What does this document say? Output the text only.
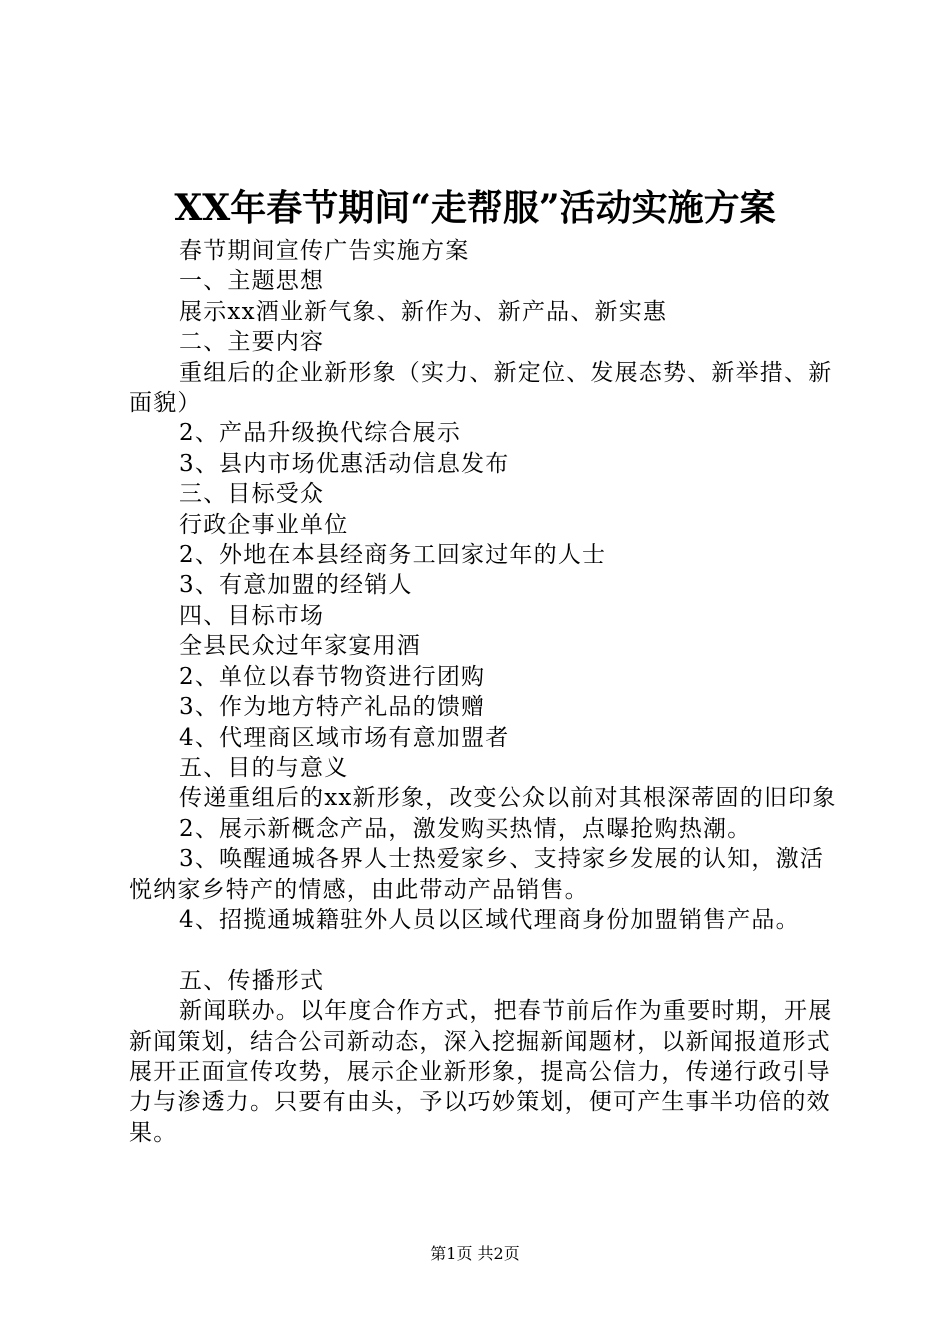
XX年春节期间“走帮服”活动实施方案
春节期间宣传广告实施方案
一、主题思想
展示xx酒业新气象、新作为、新产品、新实惠
二、主要内容
重组后的企业新形象（实力、新定位、发展态势、新举措、新面貌）
2、产品升级换代综合展示
3、县内市场优惠活动信息发布
三、目标受众
行政企事业单位
2、外地在本县经商务工回家过年的人士
3、有意加盟的经销人
四、目标市场
全县民众过年家宴用酒
2、单位以春节物资进行团购
3、作为地方特产礼品的馈赠
4、代理商区域市场有意加盟者
五、目的与意义
传递重组后的xx新形象，改变公众以前对其根深蒂固的旧印象
2、展示新概念产品，激发购买热情，点曝抢购热潮。
3、唤醒通城各界人士热爱家乡、支持家乡发展的认知，激活悦纳家乡特产的情感，由此带动产品销售。
4、招揽通城籍驻外人员以区域代理商身份加盟销售产品。
五、传播形式
新闻联办。以年度合作方式，把春节前后作为重要时期，开展新闻策划，结合公司新动态，深入挖掘新闻题材，以新闻报道形式展开正面宣传攻势，展示企业新形象，提高公信力，传递行政引导力与渗透力。只要有由头，予以巧妙策划，便可产生事半功倍的效果。
第1页 共2页
